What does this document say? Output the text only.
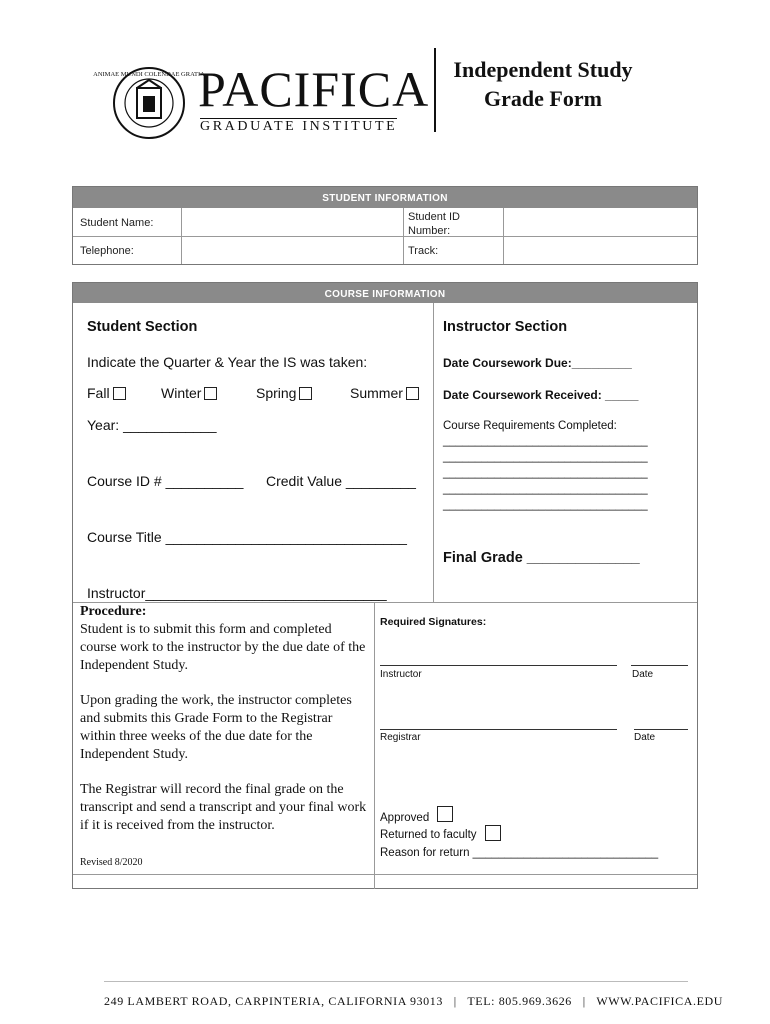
ANIMAE MUNDI COLENDAE GRATIA
PACIFICA
GRADUATE INSTITUTE
Independent Study
Grade Form
STUDENT INFORMATION
Student Name:	Student ID Number:
Telephone:	Track:
COURSE INFORMATION
Student Section
Indicate the Quarter & Year the IS was taken:
Fall	Winter	Spring	Summer
Year: ____________
Course ID # __________ Credit Value _________
Course Title _______________________________
Instructor_______________________________
Instructor Section
Date Coursework Due:_________
Date Coursework Received: _____
Course Requirements Completed:
________________________________
________________________________
________________________________
________________________________
________________________________
Final Grade ______________
Procedure:
Student is to submit this form and completed course work to the instructor by the due date of the Independent Study.
Upon grading the work, the instructor completes and submits this Grade Form to the Registrar within three weeks of the due date for the Independent Study.
The Registrar will record the final grade on the transcript and send a transcript and your final work if it is received from the instructor.
Revised 8/2020
Required Signatures:
Instructor	Date
Registrar	Date
Approved
Returned to faculty
Reason for return _____________________________
249 LAMBERT ROAD, CARPINTERIA, CALIFORNIA 93013 | TEL: 805.969.3626 | WWW.PACIFICA.EDU
